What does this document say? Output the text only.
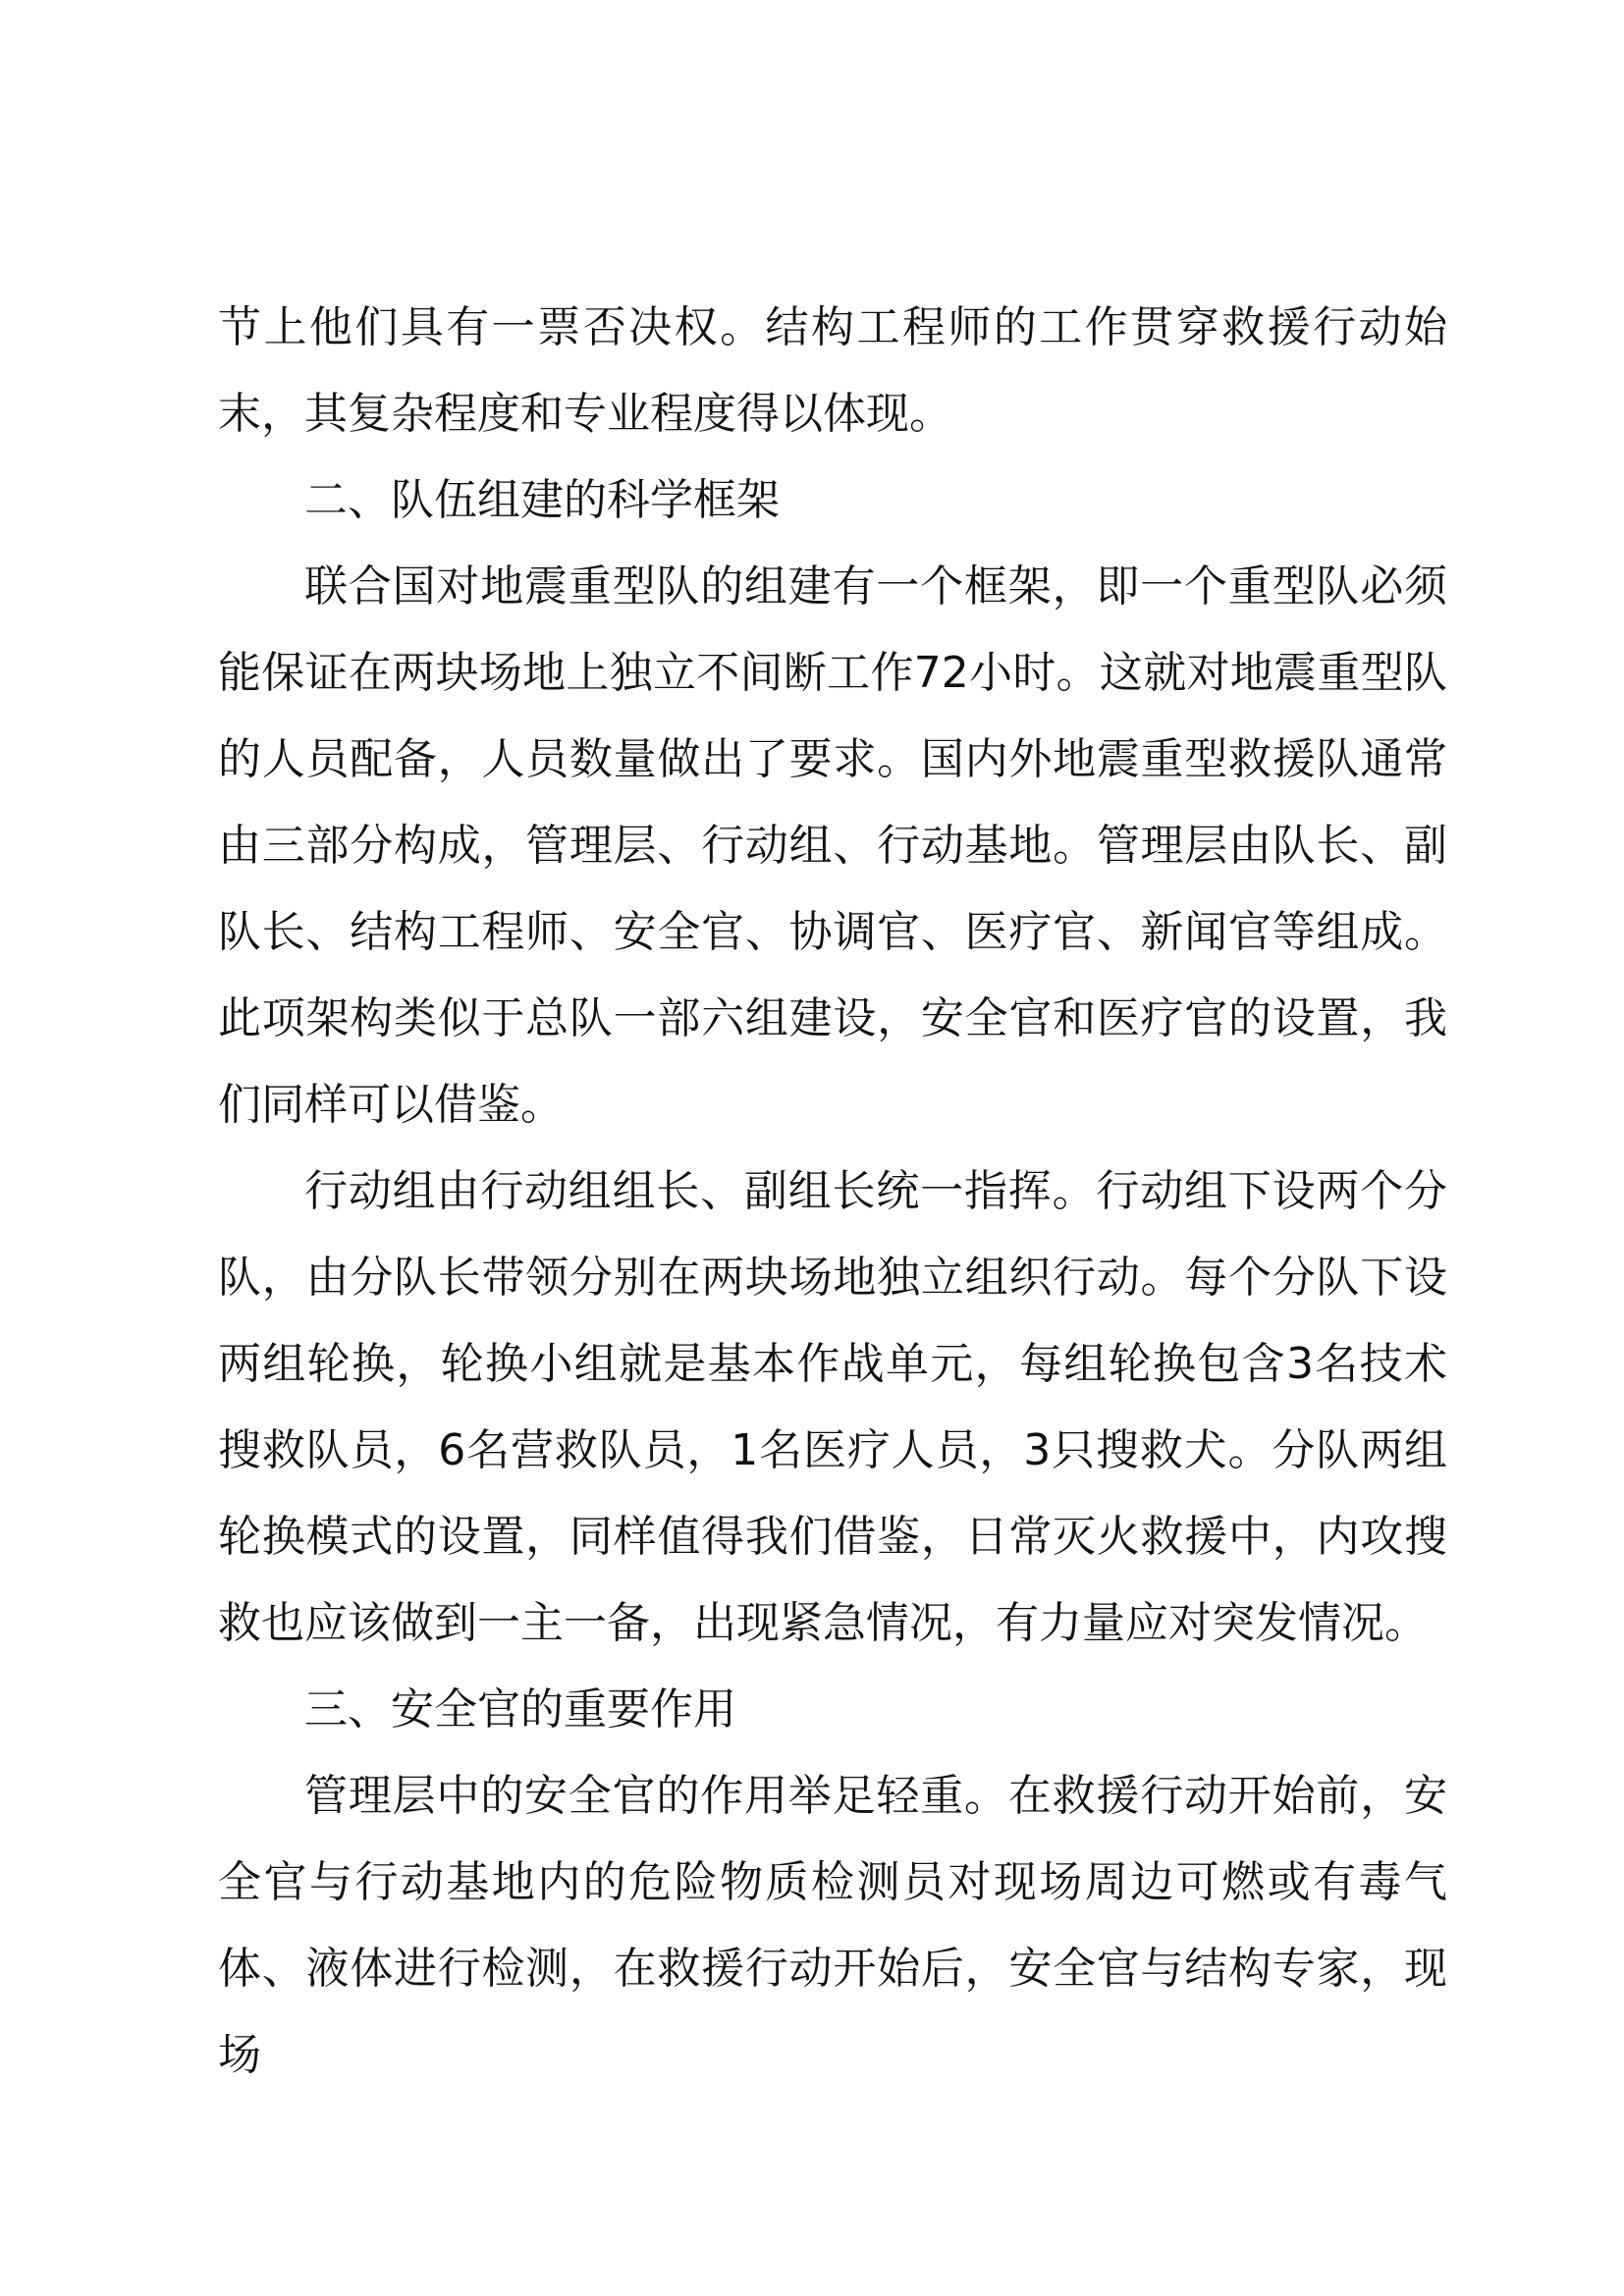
节上他们具有一票否决权。结构工程师的工作贯穿救援行动始末，其复杂程度和专业程度得以体现。

二、队伍组建的科学框架

联合国对地震重型队的组建有一个框架，即一个重型队必须能保证在两块场地上独立不间断工作72小时。这就对地震重型队的人员配备，人员数量做出了要求。国内外地震重型救援队通常由三部分构成，管理层、行动组、行动基地。管理层由队长、副队长、结构工程师、安全官、协调官、医疗官、新闻官等组成。此项架构类似于总队一部六组建设，安全官和医疗官的设置，我们同样可以借鉴。

行动组由行动组组长、副组长统一指挥。行动组下设两个分队，由分队长带领分别在两块场地独立组织行动。每个分队下设两组轮换，轮换小组就是基本作战单元，每组轮换包含3名技术搜救队员，6名营救队员，1名医疗人员，3只搜救犬。分队两组轮换模式的设置，同样值得我们借鉴，日常灭火救援中，内攻搜救也应该做到一主一备，出现紧急情况，有力量应对突发情况。

三、安全官的重要作用

管理层中的安全官的作用举足轻重。在救援行动开始前，安全官与行动基地内的危险物质检测员对现场周边可燃或有毒气体、液体进行检测，在救援行动开始后，安全官与结构专家，现场
